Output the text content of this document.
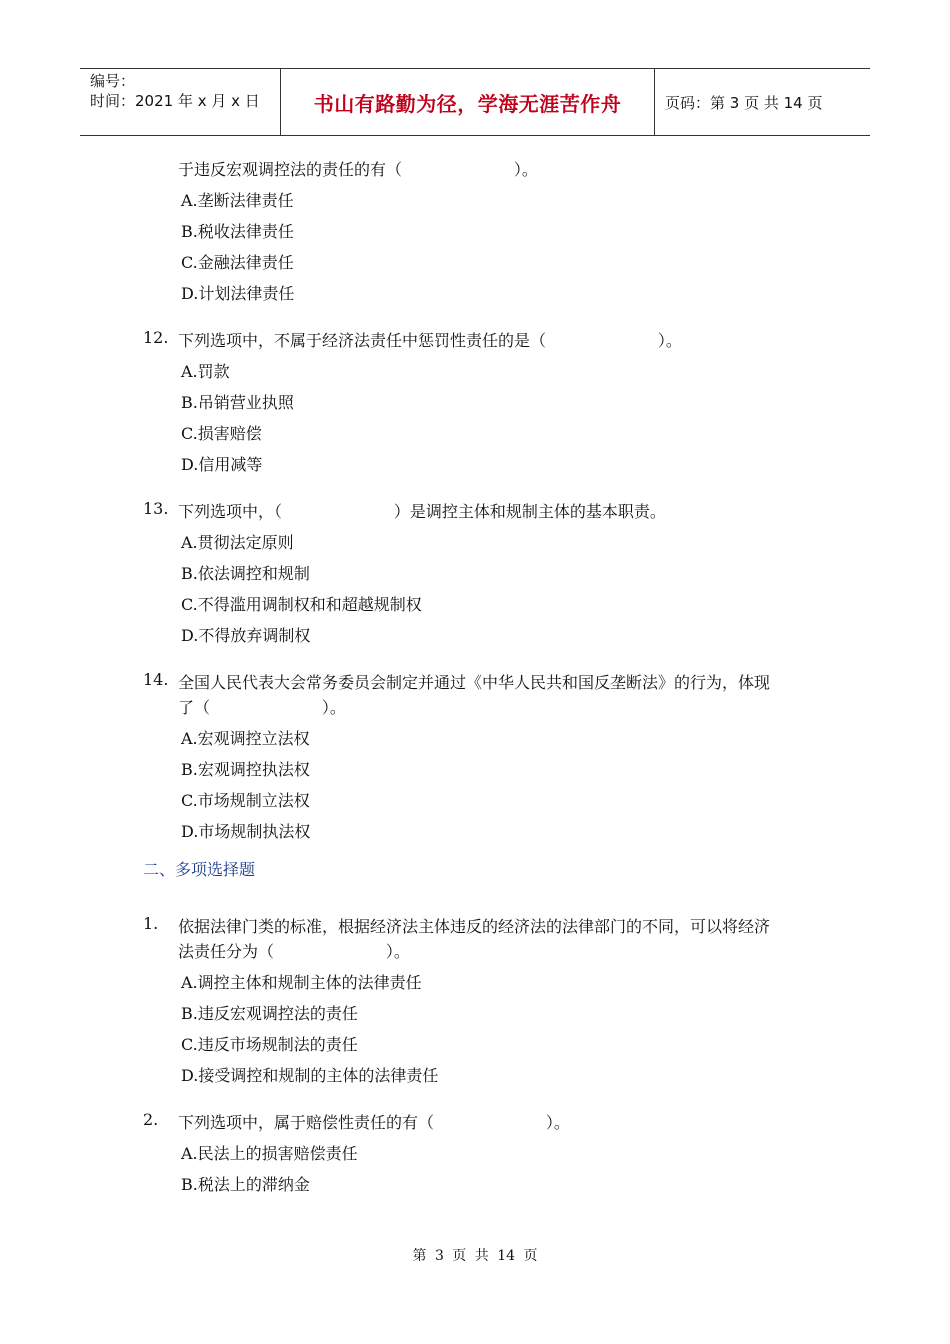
编号：
时间：2021 年 x 月 x 日	书山有路勤为径，学海无涯苦作舟	页码：第 3 页 共 14 页
于违反宏观调控法的责任的有（                      ）。
A.垄断法律责任
B.税收法律责任
C.金融法律责任
D.计划法律责任
12. 下列选项中，不属于经济法责任中惩罚性责任的是（                      ）。
A.罚款
B.吊销营业执照
C.损害赔偿
D.信用减等
13. 下列选项中，（                      ）是调控主体和规制主体的基本职责。
A.贯彻法定原则
B.依法调控和规制
C.不得滥用调制权和和超越规制权
D.不得放弃调制权
14. 全国人民代表大会常务委员会制定并通过《中华人民共和国反垄断法》的行为，体现
了（                      ）。
A.宏观调控立法权
B.宏观调控执法权
C.市场规制立法权
D.市场规制执法权
二、多项选择题
1. 依据法律门类的标准，根据经济法主体违反的经济法的法律部门的不同，可以将经济
法责任分为（                      ）。
A.调控主体和规制主体的法律责任
B.违反宏观调控法的责任
C.违反市场规制法的责任
D.接受调控和规制的主体的法律责任
2. 下列选项中，属于赔偿性责任的有（                      ）。
A.民法上的损害赔偿责任
B.税法上的滞纳金
第 3 页 共 14 页
